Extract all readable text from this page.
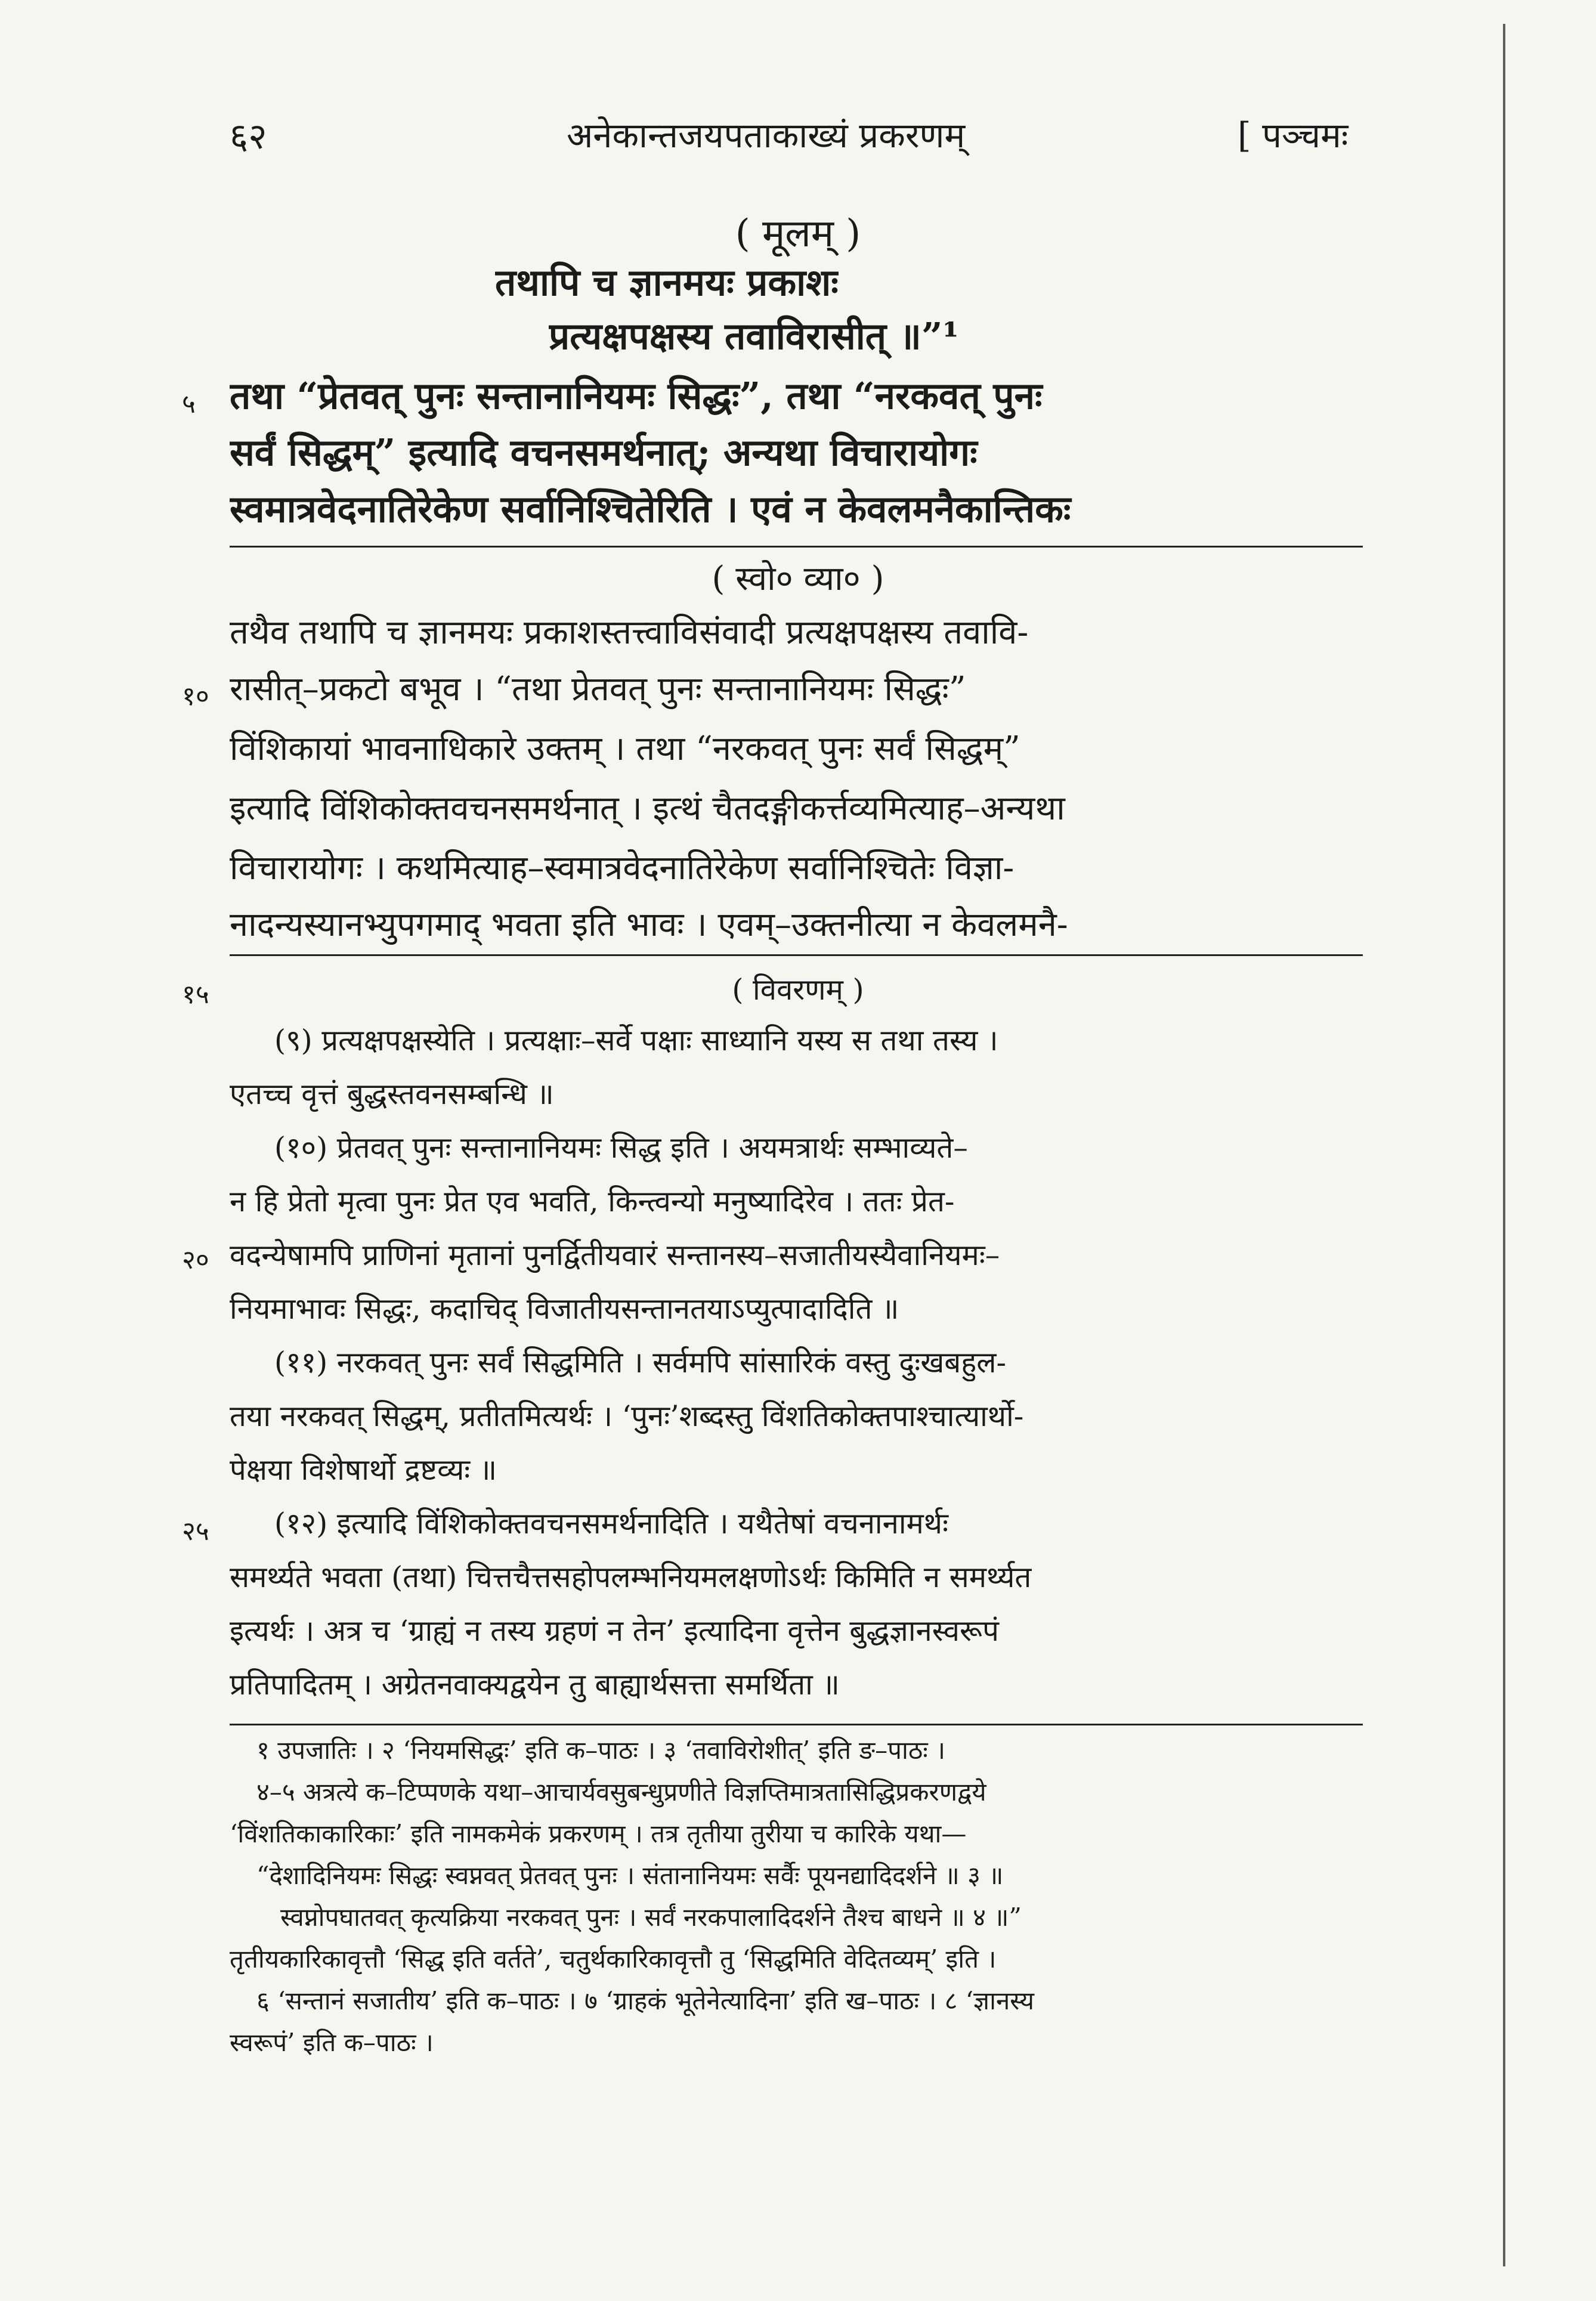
६२	अनेकान्तजयपताकाख्यं प्रकरणम्	[ पञ्चमः
( मूलम् )
तथापि च ज्ञानमयः प्रकाशः
प्रत्यक्षपक्षस्य तवाविरासीत् ॥”¹
५ तथा “प्रेतवत् पुनः सन्तानानियमः सिद्धः”, तथा “नरकवत् पुनः
सर्वं सिद्धम्” इत्यादि वचनसमर्थनात्; अन्यथा विचारायोगः
स्वमात्रवेदनातिरेकेण सर्वानिश्चितेरिति । एवं न केवलमनैकान्तिकः
( स्वो० व्या० )
तथैव तथापि च ज्ञानमयः प्रकाशस्तत्त्वाविसंवादी प्रत्यक्षपक्षस्य तवावि-
१० रासीत्–प्रकटो बभूव । “तथा प्रेतवत् पुनः सन्तानानियमः सिद्धः”
विंशिकायां भावनाधिकारे उक्तम् । तथा “नरकवत् पुनः सर्वं सिद्धम्”
इत्यादि विंशिकोक्तवचनसमर्थनात् । इत्थं चैतदङ्गीकर्त्तव्यमित्याह–अन्यथा
विचारायोगः । कथमित्याह–स्वमात्रवेदनातिरेकेण सर्वानिश्चितेः विज्ञा-
नादन्यस्यानभ्युपगमाद् भवता इति भावः । एवम्–उक्तनीत्या न केवलमनै-
१५	( विवरणम् )
(९) प्रत्यक्षपक्षस्येति । प्रत्यक्षाः–सर्वे पक्षाः साध्यानि यस्य स तथा तस्य ।
एतच्च वृत्तं बुद्धस्तवनसम्बन्धि ॥
(१०) प्रेतवत् पुनः सन्तानानियमः सिद्ध इति । अयमत्रार्थः सम्भाव्यते–
न हि प्रेतो मृत्वा पुनः प्रेत एव भवति, किन्त्वन्यो मनुष्यादिरेव । ततः प्रेत-
२० वदन्येषामपि प्राणिनां मृतानां पुनर्द्वितीयवारं सन्तानस्य–सजातीयस्यैवानियमः–
नियमाभावः सिद्धः, कदाचिद् विजातीयसन्तानतयाऽप्युत्पादादिति ॥
(११) नरकवत् पुनः सर्वं सिद्धमिति । सर्वमपि सांसारिकं वस्तु दुःखबहुल-
तया नरकवत् सिद्धम्, प्रतीतमित्यर्थः । ‘पुनः’शब्दस्तु विंशतिकोक्तपाश्चात्यार्थो-
पेक्षया विशेषार्थो द्रष्टव्यः ॥
२५ (१२) इत्यादि विंशिकोक्तवचनसमर्थनादिति । यथैतेषां वचनानामर्थः
समर्थ्यते भवता (तथा) चित्तचैत्तसहोपलम्भनियमलक्षणोऽर्थः किमिति न समर्थ्यत
इत्यर्थः । अत्र च ‘ग्राह्यं न तस्य ग्रहणं न तेन’ इत्यादिना वृत्तेन बुद्धज्ञानस्वरूपं
प्रतिपादितम् । अग्रेतनवाक्यद्वयेन तु बाह्यार्थसत्ता समर्थिता ॥
१ उपजातिः । २ ‘नियमसिद्धः’ इति क–पाठः । ३ ‘तवाविरोशीत्’ इति ङ–पाठः ।
४–५ अत्रत्ये क–टिप्पणके यथा–आचार्यवसुबन्धुप्रणीते विज्ञप्तिमात्रतासिद्धिप्रकरणद्वये
‘विंशतिकाकारिकाः’ इति नामकमेकं प्रकरणम् । तत्र तृतीया तुरीया च कारिके यथा—
“देशादिनियमः सिद्धः स्वप्नवत् प्रेतवत् पुनः । संतानानियमः सर्वैः पूयनद्यादिदर्शने ॥ ३ ॥
स्वप्नोपघातवत् कृत्यक्रिया नरकवत् पुनः । सर्वं नरकपालादिदर्शने तैश्च बाधने ॥ ४ ॥”
तृतीयकारिकावृत्तौ ‘सिद्ध इति वर्तते’, चतुर्थकारिकावृत्तौ तु ‘सिद्धमिति वेदितव्यम्’ इति ।
६ ‘सन्तानं सजातीय’ इति क–पाठः । ७ ‘ग्राहकं भूतेनेत्यादिना’ इति ख–पाठः । ८ ‘ज्ञानस्य
स्वरूपं’ इति क–पाठः ।
